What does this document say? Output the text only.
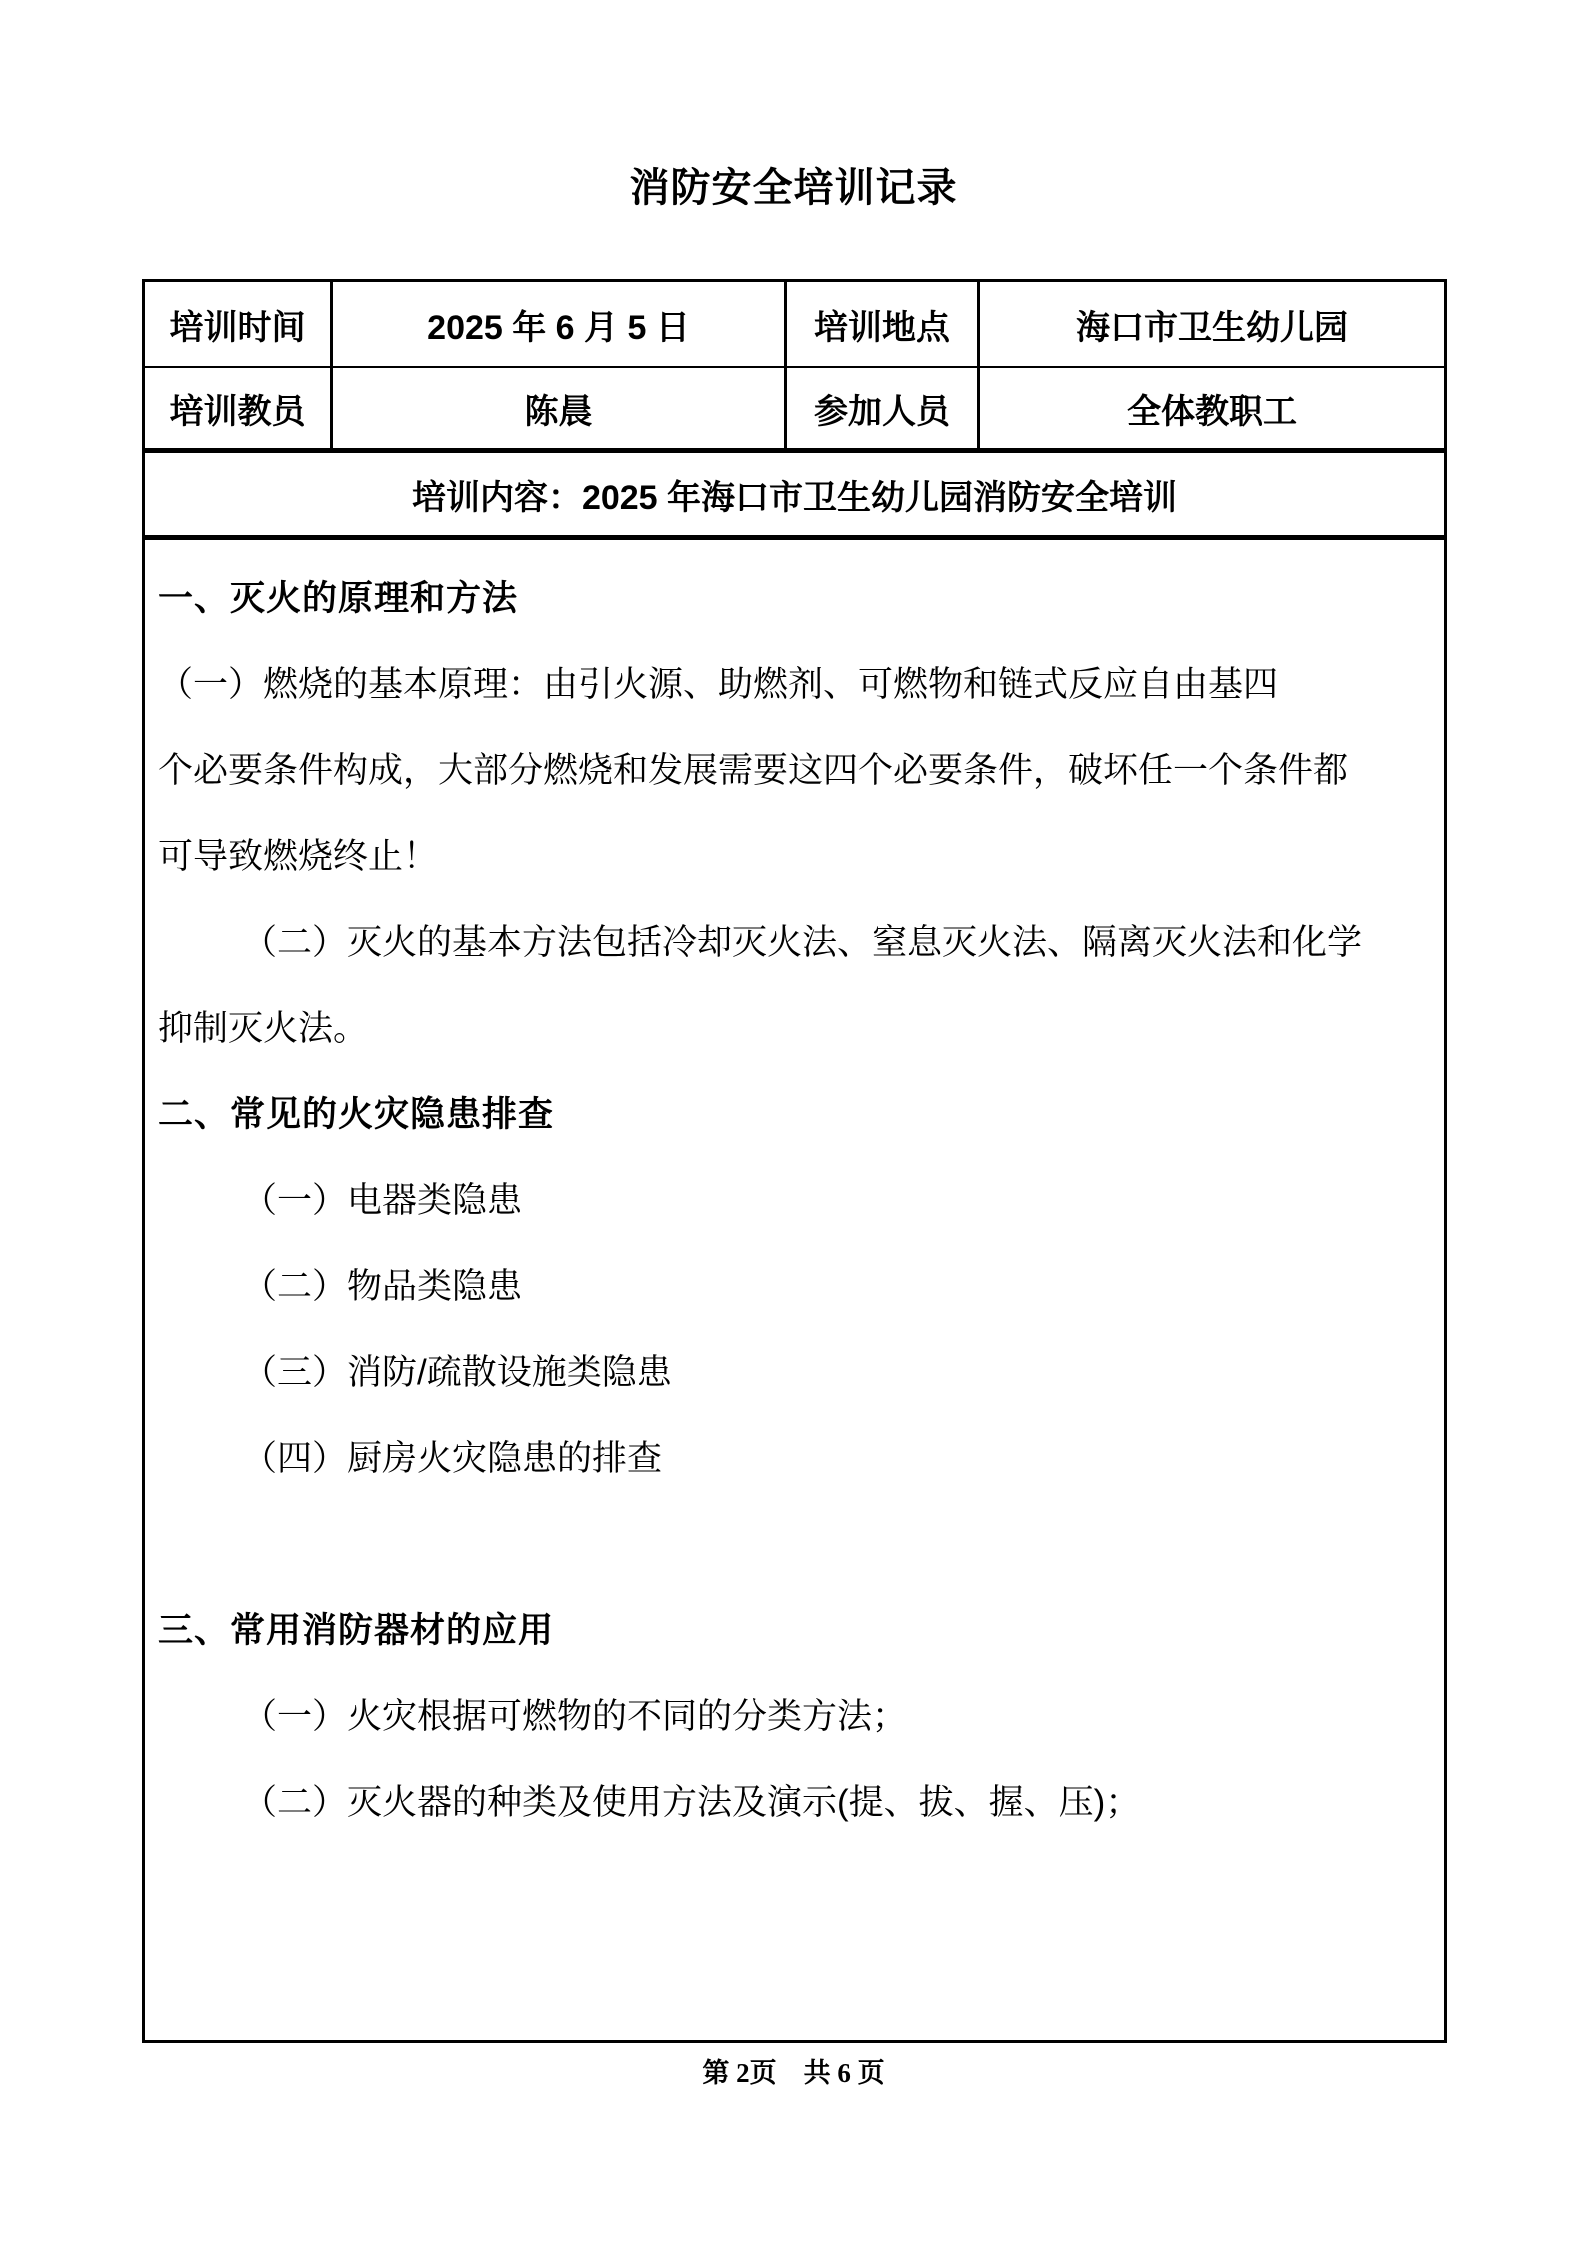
消防安全培训记录
培训时间	2025 年 6 月 5 日	培训地点	海口市卫生幼儿园
培训教员	陈晨	参加人员	全体教职工
培训内容：2025 年海口市卫生幼儿园消防安全培训
一、灭火的原理和方法
（一）燃烧的基本原理：由引火源、助燃剂、可燃物和链式反应自由基四
个必要条件构成，大部分燃烧和发展需要这四个必要条件，破坏任一个条件都
可导致燃烧终止！
（二）灭火的基本方法包括冷却灭火法、窒息灭火法、隔离灭火法和化学
抑制灭火法。
二、常见的火灾隐患排查
（一）电器类隐患
（二）物品类隐患
（三）消防/疏散设施类隐患
（四）厨房火灾隐患的排查
三、常用消防器材的应用
（一）火灾根据可燃物的不同的分类方法；
（二）灭火器的种类及使用方法及演示(提、拔、握、压)；
第 2页　共 6 页
